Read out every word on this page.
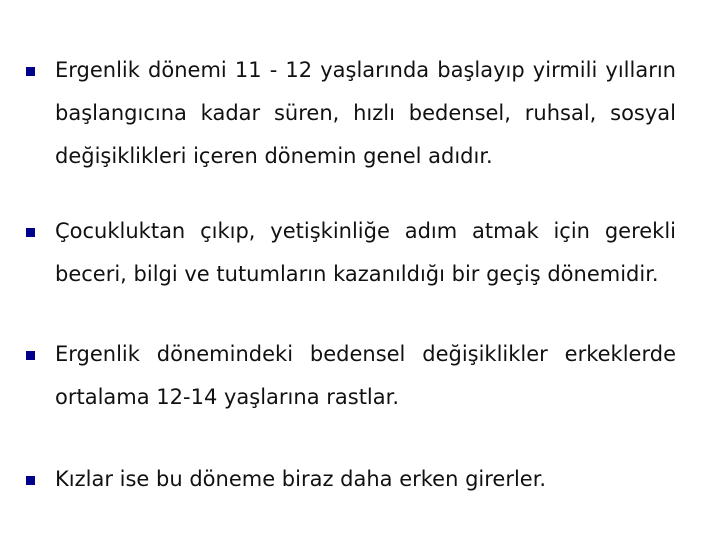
Ergenlik dönemi 11 - 12 yaşlarında başlayıp yirmili yılların başlangıcına kadar süren, hızlı bedensel, ruhsal, sosyal değişiklikleri içeren dönemin genel adıdır.

Çocukluktan çıkıp, yetişkinliğe adım atmak için gerekli beceri, bilgi ve tutumların kazanıldığı bir geçiş dönemidir.

Ergenlik dönemindeki bedensel değişiklikler erkeklerde ortalama 12-14 yaşlarına rastlar.

Kızlar ise bu döneme biraz daha erken girerler.
